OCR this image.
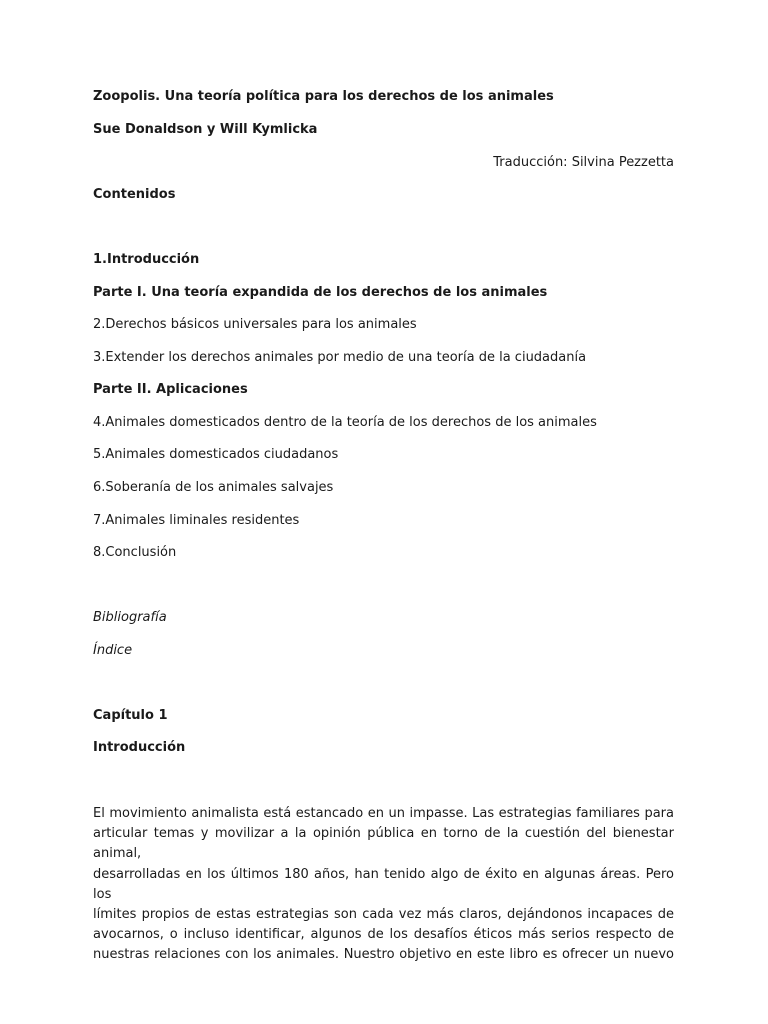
Zoopolis. Una teoría política para los derechos de los animales
Sue Donaldson y Will Kymlicka
Traducción: Silvina Pezzetta
Contenidos
1.Introducción
Parte I. Una teoría expandida de los derechos de los animales
2.Derechos básicos universales para los animales
3.Extender los derechos animales por medio de una teoría de la ciudadanía
Parte II. Aplicaciones
4.Animales domesticados dentro de la teoría de los derechos de los animales
5.Animales domesticados ciudadanos
6.Soberanía de los animales salvajes
7.Animales liminales residentes
8.Conclusión
Bibliografía
Índice
Capítulo 1
Introducción
El movimiento animalista está estancado en un impasse. Las estrategias familiares para
articular temas y movilizar a la opinión pública en torno de la cuestión del bienestar animal,
desarrolladas en los últimos 180 años, han tenido algo de éxito en algunas áreas. Pero los
límites propios de estas estrategias son cada vez más claros, dejándonos incapaces de
avocarnos, o incluso identificar, algunos de los desafíos éticos más serios respecto de
nuestras relaciones con los animales. Nuestro objetivo en este libro es ofrecer un nuevo
